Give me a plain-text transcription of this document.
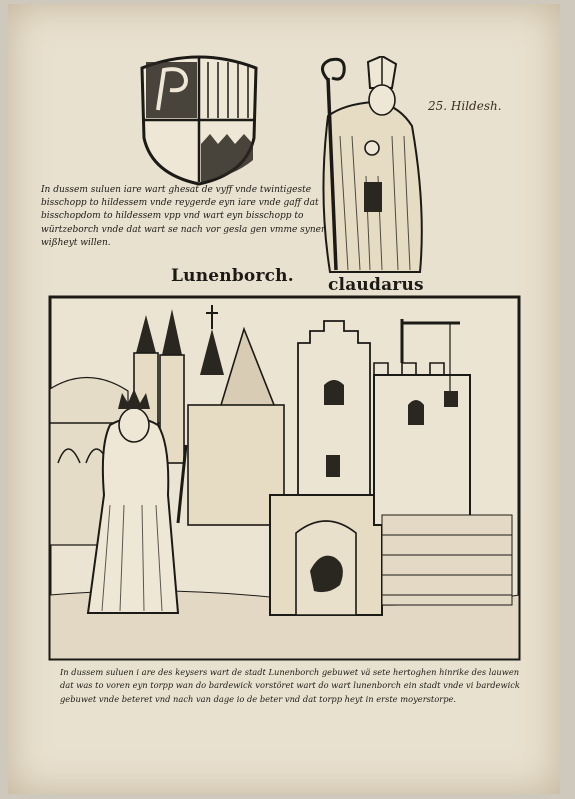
25. Hildesh.
In dussem suluen iare wart ghesat de vyff vnde twintigeste bisschopp to hildessem vnde reygerde eyn iare vnde gaff dat bisschopdom to hildessem vpp vnd wart eyn bisschopp to würtzeborch vnde dat wart se nach vor gesla gen vmme syner wißheyt willen.
Lunenborch. claudarus
In dussem suluen i are des keysers wart de stadt Lunenborch gebuwet vä sete hertoghen hinrike des lauwen dat was to voren eyn torpp wan do bardewick vorstöret wart do wart lunenborch ein stadt vnde vi bardewick gebuwet vnde beteret vnd nach van dage io de beter vnd dat torpp heyt in erste moyerstorpe.
